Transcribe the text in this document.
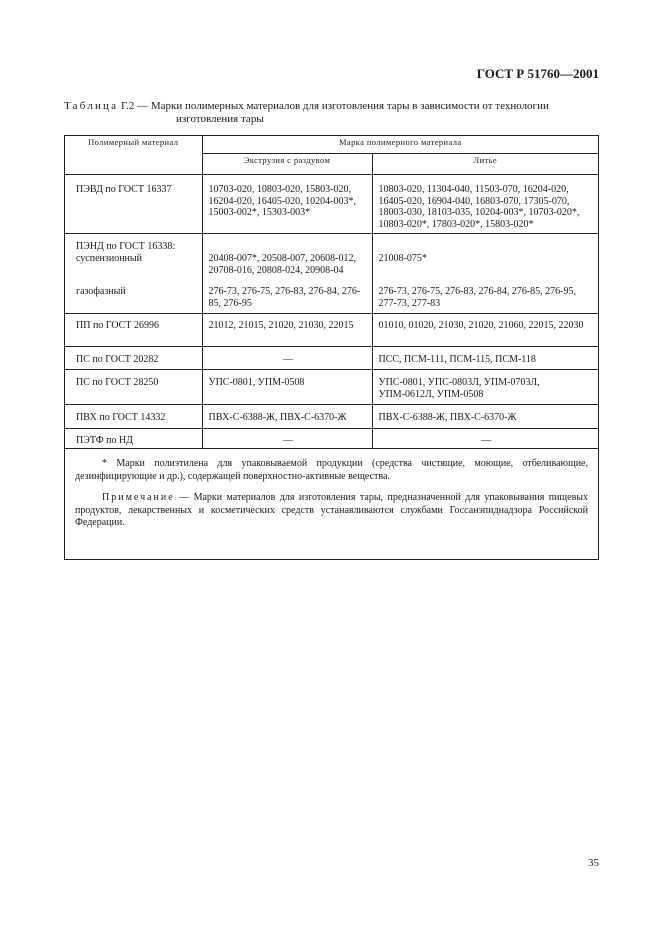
ГОСТ Р 51760—2001
Таблица Г.2 — Марки полимерных материалов для изготовления тары в зависимости от технологии
изготовления тары
Полимерный материал	Марка полимерного материала	
	Экструзия с раздувом	Литье
ПЭВД по ГОСТ 16337	10703-020, 10803-020, 15803-020, 16204-020, 16405-020, 10204-003*, 15003-002*, 15303-003*	10803-020, 11304-040, 11503-070, 16204-020, 16405-020, 16904-040, 16803-070, 17305-070, 18003-030, 18103-035, 10204-003*, 10703-020*, 10803-020*, 17803-020*, 15803-020*

ПЭНД по ГОСТ 16338:
суспензионный	20408-007*, 20508-007, 20608-012, 20708-016, 20808-024, 20908-04	21008-075*
газофазный	276-73, 276-75, 276-83, 276-84, 276-85, 276-95	276-73, 276-75, 276-83, 276-84, 276-85, 276-95, 277-73, 277-83
ПП по ГОСТ 26996	21012, 21015, 21020, 21030, 22015	01010, 01020, 21030, 21020, 21060, 22015, 22030
ПС по ГОСТ 20282	—	ПСС, ПСМ-111, ПСМ-115, ПСМ-118
ПС по ГОСТ 28250	УПС-0801, УПМ-0508	УПС-0801, УПС-0803Л, УПМ-0703Л, УПМ-0612Л, УПМ-0508
ПВХ по ГОСТ 14332	ПВХ-С-6388-Ж, ПВХ-С-6370-Ж	ПВХ-С-6388-Ж, ПВХ-С-6370-Ж
ПЭТФ по НД	—	—

* Марки полиэтилена для упаковываемой продукции (средства чистящие, моющие, отбеливающие, дезинфицирующие и др.), содержащей поверхностно-активные вещества.

Примечание — Марки материалов для изготовления тары, предназначенной для упаковывания пищевых продуктов, лекарственных и косметических средств устанавливаются службами Госсанэпиднадзора Российской Федерации.

35
